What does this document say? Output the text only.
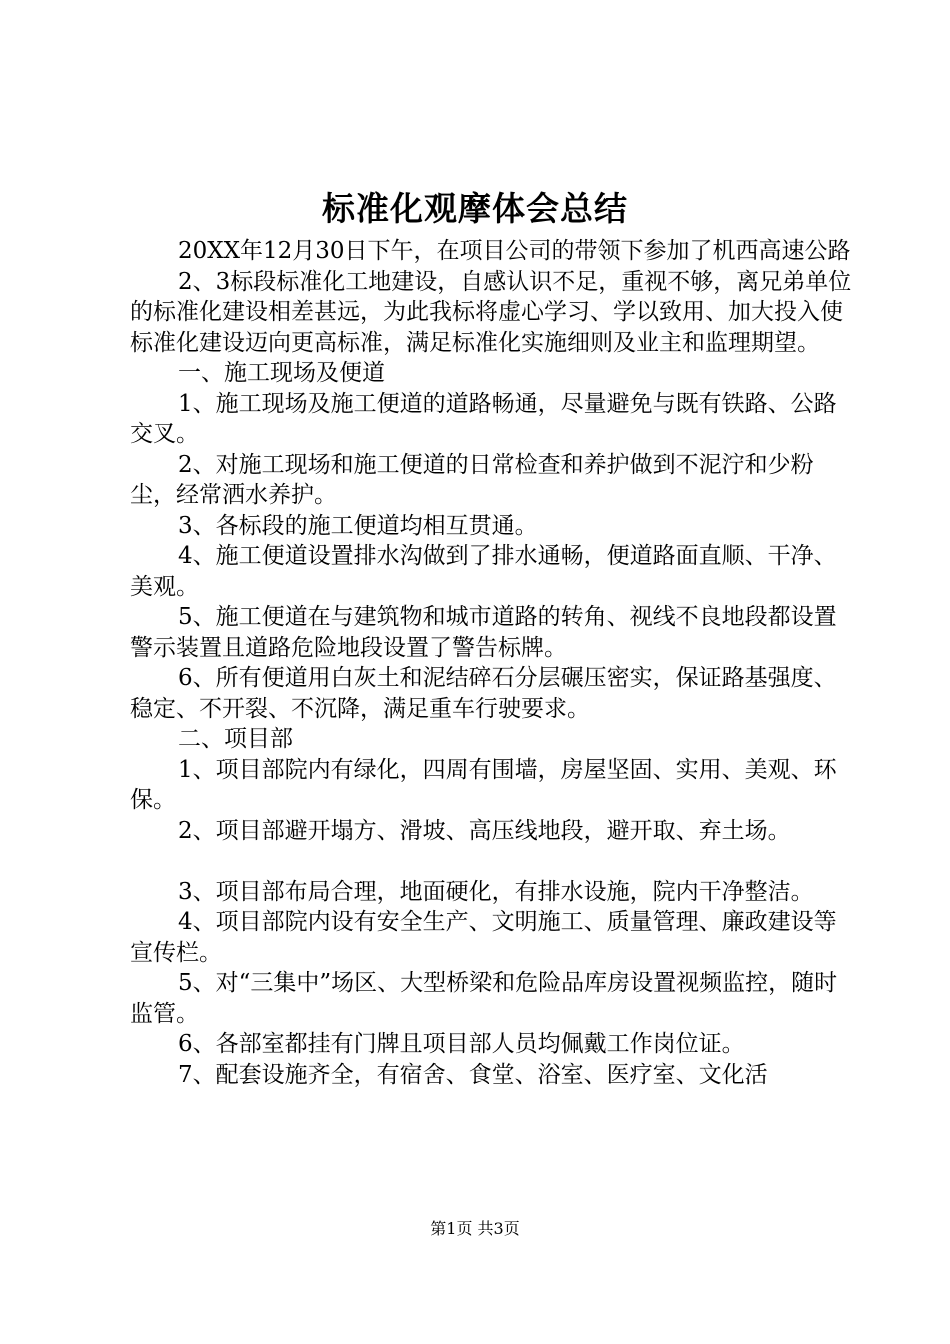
标准化观摩体会总结

20XX年12月30日下午，在项目公司的带领下参加了机西高速公路

2、3标段标准化工地建设，自感认识不足，重视不够，离兄弟单位的标准化建设相差甚远，为此我标将虚心学习、学以致用、加大投入使标准化建设迈向更高标准，满足标准化实施细则及业主和监理期望。

一、施工现场及便道

1、施工现场及施工便道的道路畅通，尽量避免与既有铁路、公路交叉。

2、对施工现场和施工便道的日常检查和养护做到不泥泞和少粉尘，经常洒水养护。

3、各标段的施工便道均相互贯通。

4、施工便道设置排水沟做到了排水通畅，便道路面直顺、干净、美观。

5、施工便道在与建筑物和城市道路的转角、视线不良地段都设置警示装置且道路危险地段设置了警告标牌。

6、所有便道用白灰土和泥结碎石分层碾压密实，保证路基强度、稳定、不开裂、不沉降，满足重车行驶要求。

二、项目部

1、项目部院内有绿化，四周有围墙，房屋坚固、实用、美观、环保。

2、项目部避开塌方、滑坡、高压线地段，避开取、弃土场。

3、项目部布局合理，地面硬化，有排水设施，院内干净整洁。

4、项目部院内设有安全生产、文明施工、质量管理、廉政建设等宣传栏。

5、对“三集中”场区、大型桥梁和危险品库房设置视频监控，随时监管。

6、各部室都挂有门牌且项目部人员均佩戴工作岗位证。

7、配套设施齐全，有宿舍、食堂、浴室、医疗室、文化活

第1页 共3页
